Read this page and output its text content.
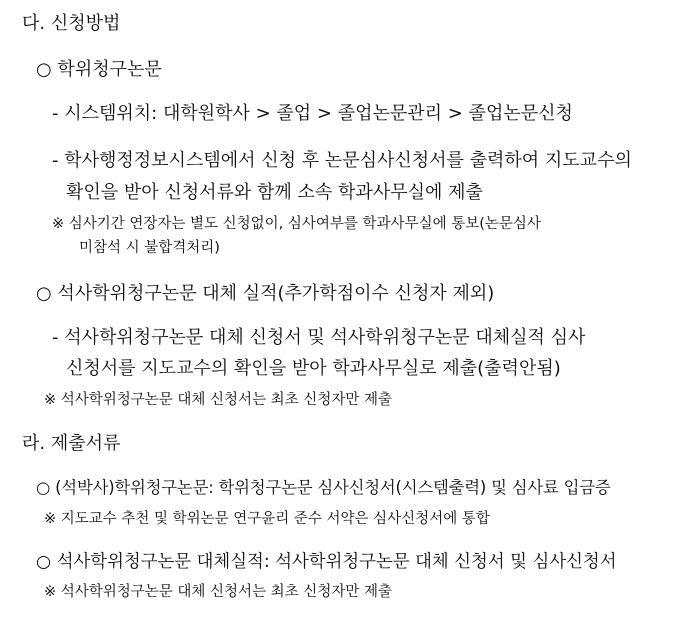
다. 신청방법
○ 학위청구논문
- 시스템위치: 대학원학사 > 졸업 > 졸업논문관리 > 졸업논문신청
- 학사행정정보시스템에서 신청 후 논문심사신청서를 출력하여 지도교수의
확인을 받아 신청서류와 함께 소속 학과사무실에 제출
※ 심사기간 연장자는 별도 신청없이, 심사여부를 학과사무실에 통보(논문심사
미참석 시 불합격처리)
○ 석사학위청구논문 대체 실적(추가학점이수 신청자 제외)
- 석사학위청구논문 대체 신청서 및 석사학위청구논문 대체실적 심사
신청서를 지도교수의 확인을 받아 학과사무실로 제출(출력안됨)
※ 석사학위청구논문 대체 신청서는 최초 신청자만 제출
라. 제출서류
○ (석박사)학위청구논문: 학위청구논문 심사신청서(시스템출력) 및 심사료 입금증
※ 지도교수 추천 및 학위논문 연구윤리 준수 서약은 심사신청서에 통합
○ 석사학위청구논문 대체실적: 석사학위청구논문 대체 신청서 및 심사신청서
※ 석사학위청구논문 대체 신청서는 최초 신청자만 제출
